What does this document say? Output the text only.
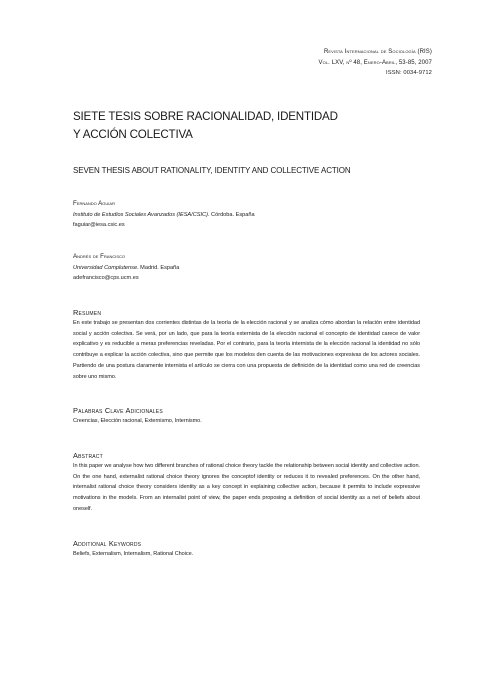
Revista Internacional de Sociología (RIS)
Vol. LXV, nº 48, Enero-Abril, 53-85, 2007
ISSN: 0034-9712
SIETE TESIS SOBRE RACIONALIDAD, IDENTIDAD
Y ACCIÓN COLECTIVA
SEVEN THESIS ABOUT RATIONALITY, IDENTITY AND COLLECTIVE ACTION
Fernando Aguiar
Instituto de Estudios Sociales Avanzados (IESA/CSIC). Córdoba. España
faguiar@iesa.csic.es
Andrés de Francisco
Universidad Complutense. Madrid. España
adefrancisco@cps.ucm.es
Resumen

En este trabajo se presentan dos corrientes distintas de la teoría de la elección racional y se analiza cómo abordan la relación entre identidad social y acción colectiva. Se verá, por un lado, que para la teoría externista de la elección racional el concepto de identidad carece de valor explicativo y es reducible a meras preferencias reveladas. Por el contrario, para la teoría internista de la elección racional la identidad no sólo contribuye a explicar la acción colectiva, sino que permite que los modelos den cuenta de las motivaciones expresivas de los actores sociales. Partiendo de una postura claramente internista el artículo se cierra con una propuesta de definición de la identidad como una red de creencias sobre uno mismo.

Palabras Clave Adicionales

Creencias, Elección racional, Externismo, Internismo.

Abstract

In this paper we analyse how two different branches of rational choice theory tackle the relationship between social identity and collective action. On the one hand, externalist rational choice theory ignores the conceptof identity or reduces it to revealed preferences. On the other hand, internalist rational choice theory considers identity as a key concept in explaining collective action, because it permits to include expressive motivations in the models. From an internalist point of view, the paper ends proposing a definition of social identity as a net of beliefs about oneself.

Additional Keywords

Beliefs, Externalism, Internalism, Rational Choice.
